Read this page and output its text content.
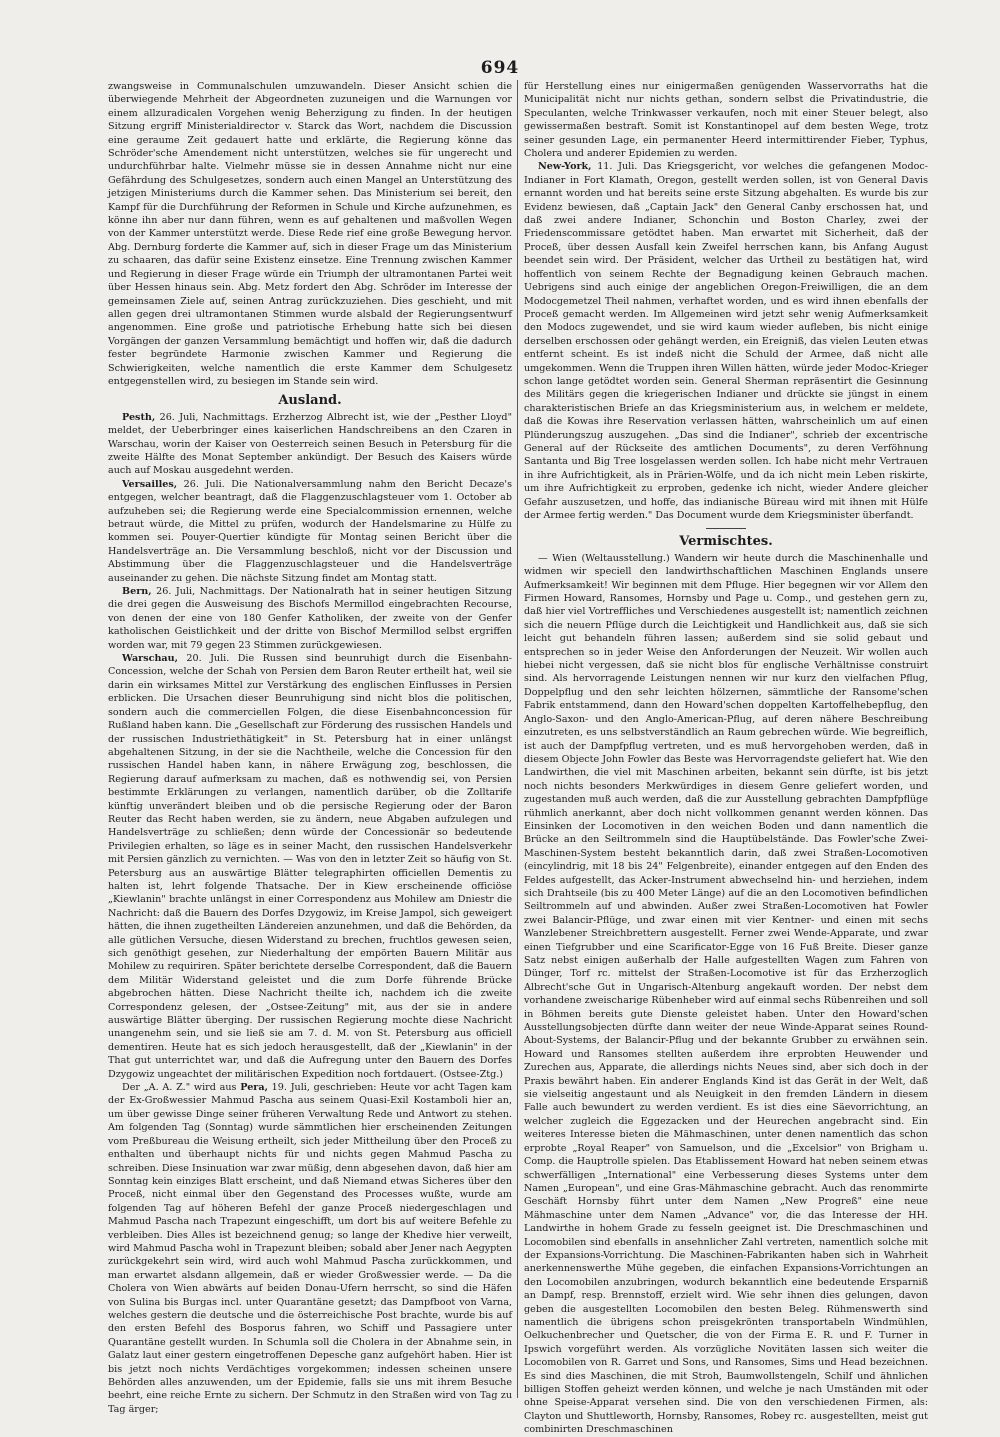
694

zwangsweise in Communalschulen umzuwandeln. Dieser Ansicht schien die überwiegende Mehrheit der Abgeordneten zuzuneigen und die Warnungen vor einem allzuradicalen Vorgehen wenig Beherzigung zu finden. In der heutigen Sitzung ergriff Ministerialdirector v. Starck das Wort, nachdem die Discussion eine geraume Zeit gedauert hatte und erklärte, die Regierung könne das Schröder'sche Amendement nicht unterstützen, welches sie für ungerecht und undurchführbar halte. Vielmehr müsse sie in dessen Annahme nicht nur eine Gefährdung des Schulgesetzes, sondern auch einen Mangel an Unterstützung des jetzigen Ministeriums durch die Kammer sehen. Das Ministerium sei bereit, den Kampf für die Durchführung der Reformen in Schule und Kirche aufzunehmen, es könne ihn aber nur dann führen, wenn es auf gehaltenen und maßvollen Wegen von der Kammer unterstützt werde. Diese Rede rief eine große Bewegung hervor. Abg. Dernburg forderte die Kammer auf, sich in dieser Frage um das Ministerium zu schaaren, das dafür seine Existenz einsetze. Eine Trennung zwischen Kammer und Regierung in dieser Frage würde ein Triumph der ultramontanen Partei weit über Hessen hinaus sein. Abg. Metz fordert den Abg. Schröder im Interesse der gemeinsamen Ziele auf, seinen Antrag zurückzuziehen. Dies geschieht, und mit allen gegen drei ultramontanen Stimmen wurde alsbald der Regierungsentwurf angenommen. Eine große und patriotische Erhebung hatte sich bei diesen Vorgängen der ganzen Versammlung bemächtigt und hoffen wir, daß die dadurch fester begründete Harmonie zwischen Kammer und Regierung die Schwierigkeiten, welche namentlich die erste Kammer dem Schulgesetz entgegenstellen wird, zu besiegen im Stande sein wird.

Ausland.

Pesth, 26. Juli, Nachmittags. Erzherzog Albrecht ist, wie der „Pesther Lloyd" meldet, der Ueberbringer eines kaiserlichen Handschreibens an den Czaren in Warschau, worin der Kaiser von Oesterreich seinen Besuch in Petersburg für die zweite Hälfte des Monat September ankündigt. Der Besuch des Kaisers würde auch auf Moskau ausgedehnt werden.

Versailles, 26. Juli. Die Nationalversammlung nahm den Bericht Decaze's entgegen, welcher beantragt, daß die Flaggenzuschlagsteuer vom 1. October ab aufzuheben sei; die Regierung werde eine Specialcommission ernennen, welche betraut würde, die Mittel zu prüfen, wodurch der Handelsmarine zu Hülfe zu kommen sei. Pouyer-Quertier kündigte für Montag seinen Bericht über die Handelsverträge an. Die Versammlung beschloß, nicht vor der Discussion und Abstimmung über die Flaggenzuschlagsteuer und die Handelsverträge auseinander zu gehen. Die nächste Sitzung findet am Montag statt.

Bern, 26. Juli, Nachmittags. Der Nationalrath hat in seiner heutigen Sitzung die drei gegen die Ausweisung des Bischofs Mermillod eingebrachten Recourse, von denen der eine von 180 Genfer Katholiken, der zweite von der Genfer katholischen Geistlichkeit und der dritte von Bischof Mermillod selbst ergriffen worden war, mit 79 gegen 23 Stimmen zurückgewiesen.

Warschau, 20. Juli. Die Russen sind beunruhigt durch die Eisenbahn-Concession, welche der Schah von Persien dem Baron Reuter ertheilt hat, weil sie darin ein wirksames Mittel zur Verstärkung des englischen Einflusses in Persien erblicken. Die Ursachen dieser Beunruhigung sind nicht blos die politischen, sondern auch die commerciellen Folgen, die diese Eisenbahnconcession für Rußland haben kann. Die „Gesellschaft zur Förderung des russischen Handels und der russischen Industriethätigkeit" in St. Petersburg hat in einer unlängst abgehaltenen Sitzung, in der sie die Nachtheile, welche die Concession für den russischen Handel haben kann, in nähere Erwägung zog, beschlossen, die Regierung darauf aufmerksam zu machen, daß es nothwendig sei, von Persien bestimmte Erklärungen zu verlangen, namentlich darüber, ob die Zolltarife künftig unverändert bleiben und ob die persische Regierung oder der Baron Reuter das Recht haben werden, sie zu ändern, neue Abgaben aufzulegen und Handelsverträge zu schließen; denn würde der Concessionär so bedeutende Privilegien erhalten, so läge es in seiner Macht, den russischen Handelsverkehr mit Persien gänzlich zu vernichten. — Was von den in letzter Zeit so häufig von St. Petersburg aus an auswärtige Blätter telegraphirten officiellen Dementis zu halten ist, lehrt folgende Thatsache. Der in Kiew erscheinende officiöse „Kiewlanin" brachte unlängst in einer Correspondenz aus Mohilew am Dniestr die Nachricht: daß die Bauern des Dorfes Dzygowiz, im Kreise Jampol, sich geweigert hätten, die ihnen zugetheilten Ländereien anzunehmen, und daß die Behörden, da alle gütlichen Versuche, diesen Widerstand zu brechen, fruchtlos gewesen seien, sich genöthigt gesehen, zur Niederhaltung der empörten Bauern Militär aus Mohilew zu requiriren. Später berichtete derselbe Correspondent, daß die Bauern dem Militär Widerstand geleistet und die zum Dorfe führende Brücke abgebrochen hätten. Diese Nachricht theilte ich, nachdem ich die zweite Correspondenz gelesen, der „Ostsee-Zeitung" mit, aus der sie in andere auswärtige Blätter überging. Der russischen Regierung mochte diese Nachricht unangenehm sein, und sie ließ sie am 7. d. M. von St. Petersburg aus officiell dementiren. Heute hat es sich jedoch herausgestellt, daß der „Kiewlanin" in der That gut unterrichtet war, und daß die Aufregung unter den Bauern des Dorfes Dzygowiz ungeachtet der militärischen Expedition noch fortdauert. (Ostsee-Ztg.)

Der „A. A. Z." wird aus Pera, 19. Juli, geschrieben: Heute vor acht Tagen kam der Ex-Großwessier Mahmud Pascha aus seinem Quasi-Exil Kostamboli hier an, um über gewisse Dinge seiner früheren Verwaltung Rede und Antwort zu stehen. Am folgenden Tag (Sonntag) wurde sämmtlichen hier erscheinenden Zeitungen vom Preßbureau die Weisung ertheilt, sich jeder Mittheilung über den Proceß zu enthalten und überhaupt nichts für und nichts gegen Mahmud Pascha zu schreiben. Diese Insinuation war zwar müßig, denn abgesehen davon, daß hier am Sonntag kein einziges Blatt erscheint, und daß Niemand etwas Sicheres über den Proceß, nicht einmal über den Gegenstand des Processes wußte, wurde am folgenden Tag auf höheren Befehl der ganze Proceß niedergeschlagen und Mahmud Pascha nach Trapezunt eingeschifft, um dort bis auf weitere Befehle zu verbleiben. Dies Alles ist bezeichnend genug; so lange der Khedive hier verweilt, wird Mahmud Pascha wohl in Trapezunt bleiben; sobald aber Jener nach Aegypten zurückgekehrt sein wird, wird auch wohl Mahmud Pascha zurückkommen, und man erwartet alsdann allgemein, daß er wieder Großwessier werde. — Da die Cholera von Wien abwärts auf beiden Donau-Ufern herrscht, so sind die Häfen von Sulina bis Burgas incl. unter Quarantäne gesetzt; das Dampfboot von Varna, welches gestern die deutsche und die österreichische Post brachte, wurde bis auf den ersten Befehl des Bosporus fahren, wo Schiff und Passagiere unter Quarantäne gestellt wurden. In Schumla soll die Cholera in der Abnahme sein, in Galatz laut einer gestern eingetroffenen Depesche ganz aufgehört haben. Hier ist bis jetzt noch nichts Verdächtiges vorgekommen; indessen scheinen unsere Behörden alles anzuwenden, um der Epidemie, falls sie uns mit ihrem Besuche beehrt, eine reiche Ernte zu sichern. Der Schmutz in den Straßen wird von Tag zu Tag ärger;

für Herstellung eines nur einigermaßen genügenden Wasservorraths hat die Municipalität nicht nur nichts gethan, sondern selbst die Privatindustrie, die Speculanten, welche Trinkwasser verkaufen, noch mit einer Steuer belegt, also gewissermaßen bestraft. Somit ist Konstantinopel auf dem besten Wege, trotz seiner gesunden Lage, ein permanenter Heerd intermittirender Fieber, Typhus, Cholera und anderer Epidemien zu werden.

New-York, 11. Juli. Das Kriegsgericht, vor welches die gefangenen Modoc-Indianer in Fort Klamath, Oregon, gestellt werden sollen, ist von General Davis ernannt worden und hat bereits seine erste Sitzung abgehalten. Es wurde bis zur Evidenz bewiesen, daß „Captain Jack" den General Canby erschossen hat, und daß zwei andere Indianer, Schonchin und Boston Charley, zwei der Friedenscommissare getödtet haben. Man erwartet mit Sicherheit, daß der Proceß, über dessen Ausfall kein Zweifel herrschen kann, bis Anfang August beendet sein wird. Der Präsident, welcher das Urtheil zu bestätigen hat, wird hoffentlich von seinem Rechte der Begnadigung keinen Gebrauch machen. Uebrigens sind auch einige der angeblichen Oregon-Freiwilligen, die an dem Modocgemetzel Theil nahmen, verhaftet worden, und es wird ihnen ebenfalls der Proceß gemacht werden. Im Allgemeinen wird jetzt sehr wenig Aufmerksamkeit den Modocs zugewendet, und sie wird kaum wieder aufleben, bis nicht einige derselben erschossen oder gehängt werden, ein Ereigniß, das vielen Leuten etwas entfernt scheint. Es ist indeß nicht die Schuld der Armee, daß nicht alle umgekommen. Wenn die Truppen ihren Willen hätten, würde jeder Modoc-Krieger schon lange getödtet worden sein. General Sherman repräsentirt die Gesinnung des Militärs gegen die kriegerischen Indianer und drückte sie jüngst in einem charakteristischen Briefe an das Kriegsministerium aus, in welchem er meldete, daß die Kowas ihre Reservation verlassen hätten, wahrscheinlich um auf einen Plünderungszug auszugehen. „Das sind die Indianer", schrieb der excentrische General auf der Rückseite des amtlichen Documents", zu deren Verföhnung Santanta und Big Tree losgelassen werden sollen. Ich habe nicht mehr Vertrauen in ihre Aufrichtigkeit, als in Prärien-Wölfe, und da ich nicht mein Leben riskirte, um ihre Aufrichtigkeit zu erproben, gedenke ich nicht, wieder Andere gleicher Gefahr auszusetzen, und hoffe, das indianische Büreau wird mit ihnen mit Hülfe der Armee fertig werden." Das Document wurde dem Kriegsminister überfandt.

Vermischtes.

— Wien (Weltausstellung.) Wandern wir heute durch die Maschinenhalle und widmen wir speciell den landwirthschaftlichen Maschinen Englands unsere Aufmerksamkeit! Wir beginnen mit dem Pfluge. Hier begegnen wir vor Allem den Firmen Howard, Ransomes, Hornsby und Page u. Comp., und gestehen gern zu, daß hier viel Vortreffliches und Verschiedenes ausgestellt ist; namentlich zeichnen sich die neuern Pflüge durch die Leichtigkeit und Handlichkeit aus, daß sie sich leicht gut behandeln führen lassen; außerdem sind sie solid gebaut und entsprechen so in jeder Weise den Anforderungen der Neuzeit. Wir wollen auch hiebei nicht vergessen, daß sie nicht blos für englische Verhältnisse construirt sind. Als hervorragende Leistungen nennen wir nur kurz den vielfachen Pflug, Doppelpflug und den sehr leichten hölzernen, sämmtliche der Ransome'schen Fabrik entstammend, dann den Howard'schen doppelten Kartoffelhebepflug, den Anglo-Saxon- und den Anglo-American-Pflug, auf deren nähere Beschreibung einzutreten, es uns selbstverständlich an Raum gebrechen würde. Wie begreiflich, ist auch der Dampfpflug vertreten, und es muß hervorgehoben werden, daß in diesem Objecte John Fowler das Beste was Hervorragendste geliefert hat. Wie den Landwirthen, die viel mit Maschinen arbeiten, bekannt sein dürfte, ist bis jetzt noch nichts besonders Merkwürdiges in diesem Genre geliefert worden, und zugestanden muß auch werden, daß die zur Ausstellung gebrachten Dampfpflüge rühmlich anerkannt, aber doch nicht vollkommen genannt werden können. Das Einsinken der Locomotiven in den weichen Boden und dann namentlich die Brücke an den Seiltrommeln sind die Hauptübelstände. Das Fowler'sche Zwei-Maschinen-System besteht bekanntlich darin, daß zwei Straßen-Locomotiven (eincylindrig, mit 18 bis 24" Felgenbreite), einander entgegen auf den Enden des Feldes aufgestellt, das Acker-Instrument abwechselnd hin- und herziehen, indem sich Drahtseile (bis zu 400 Meter Länge) auf die an den Locomotiven befindlichen Seiltrommeln auf und abwinden. Außer zwei Straßen-Locomotiven hat Fowler zwei Balancir-Pflüge, und zwar einen mit vier Kentner- und einen mit sechs Wanzlebener Streichbrettern ausgestellt. Ferner zwei Wende-Apparate, und zwar einen Tiefgrubber und eine Scarificator-Egge von 16 Fuß Breite. Dieser ganze Satz nebst einigen außerhalb der Halle aufgestellten Wagen zum Fahren von Dünger, Torf rc. mittelst der Straßen-Locomotive ist für das Erzherzoglich Albrecht'sche Gut in Ungarisch-Altenburg angekauft worden. Der nebst dem vorhandene zweischarige Rübenheber wird auf einmal sechs Rübenreihen und soll in Böhmen bereits gute Dienste geleistet haben. Unter den Howard'schen Ausstellungsobjecten dürfte dann weiter der neue Winde-Apparat seines Round-About-Systems, der Balancir-Pflug und der bekannte Grubber zu erwähnen sein. Howard und Ransomes stellten außerdem ihre erprobten Heuwender und Zurechen aus, Apparate, die allerdings nichts Neues sind, aber sich doch in der Praxis bewährt haben. Ein anderer Englands Kind ist das Gerät in der Welt, daß sie vielseitig angestaunt und als Neuigkeit in den fremden Ländern in diesem Falle auch bewundert zu werden verdient. Es ist dies eine Säevorrichtung, an welcher zugleich die Eggezacken und der Heurechen angebracht sind. Ein weiteres Interesse bieten die Mähmaschinen, unter denen namentlich das schon erprobte „Royal Reaper" von Samuelson, und die „Excelsior" von Brigham u. Comp. die Hauptrolle spielen. Das Etablissement Howard hat neben seinem etwas schwerfälligen „International" eine Verbesserung dieses Systems unter dem Namen „European", und eine Gras-Mähmaschine gebracht. Auch das renommirte Geschäft Hornsby führt unter dem Namen „New Progreß" eine neue Mähmaschine unter dem Namen „Advance" vor, die das Interesse der HH. Landwirthe in hohem Grade zu fesseln geeignet ist. Die Dreschmaschinen und Locomobilen sind ebenfalls in ansehnlicher Zahl vertreten, namentlich solche mit der Expansions-Vorrichtung. Die Maschinen-Fabrikanten haben sich in Wahrheit anerkennenswerthe Mühe gegeben, die einfachen Expansions-Vorrichtungen an den Locomobilen anzubringen, wodurch bekanntlich eine bedeutende Ersparniß an Dampf, resp. Brennstoff, erzielt wird. Wie sehr ihnen dies gelungen, davon geben die ausgestellten Locomobilen den besten Beleg. Rühmenswerth sind namentlich die übrigens schon preisgekrönten transportabeln Windmühlen, Oelkuchenbrecher und Quetscher, die von der Firma E. R. und F. Turner in Ipswich vorgeführt werden. Als vorzügliche Novitäten lassen sich weiter die Locomobilen von R. Garret und Sons, und Ransomes, Sims und Head bezeichnen. Es sind dies Maschinen, die mit Stroh, Baumwollstengeln, Schilf und ähnlichen billigen Stoffen geheizt werden können, und welche je nach Umständen mit oder ohne Speise-Apparat versehen sind. Die von den verschiedenen Firmen, als: Clayton und Shuttleworth, Hornsby, Ransomes, Robey rc. ausgestellten, meist gut combinirten Dreschmaschinen
